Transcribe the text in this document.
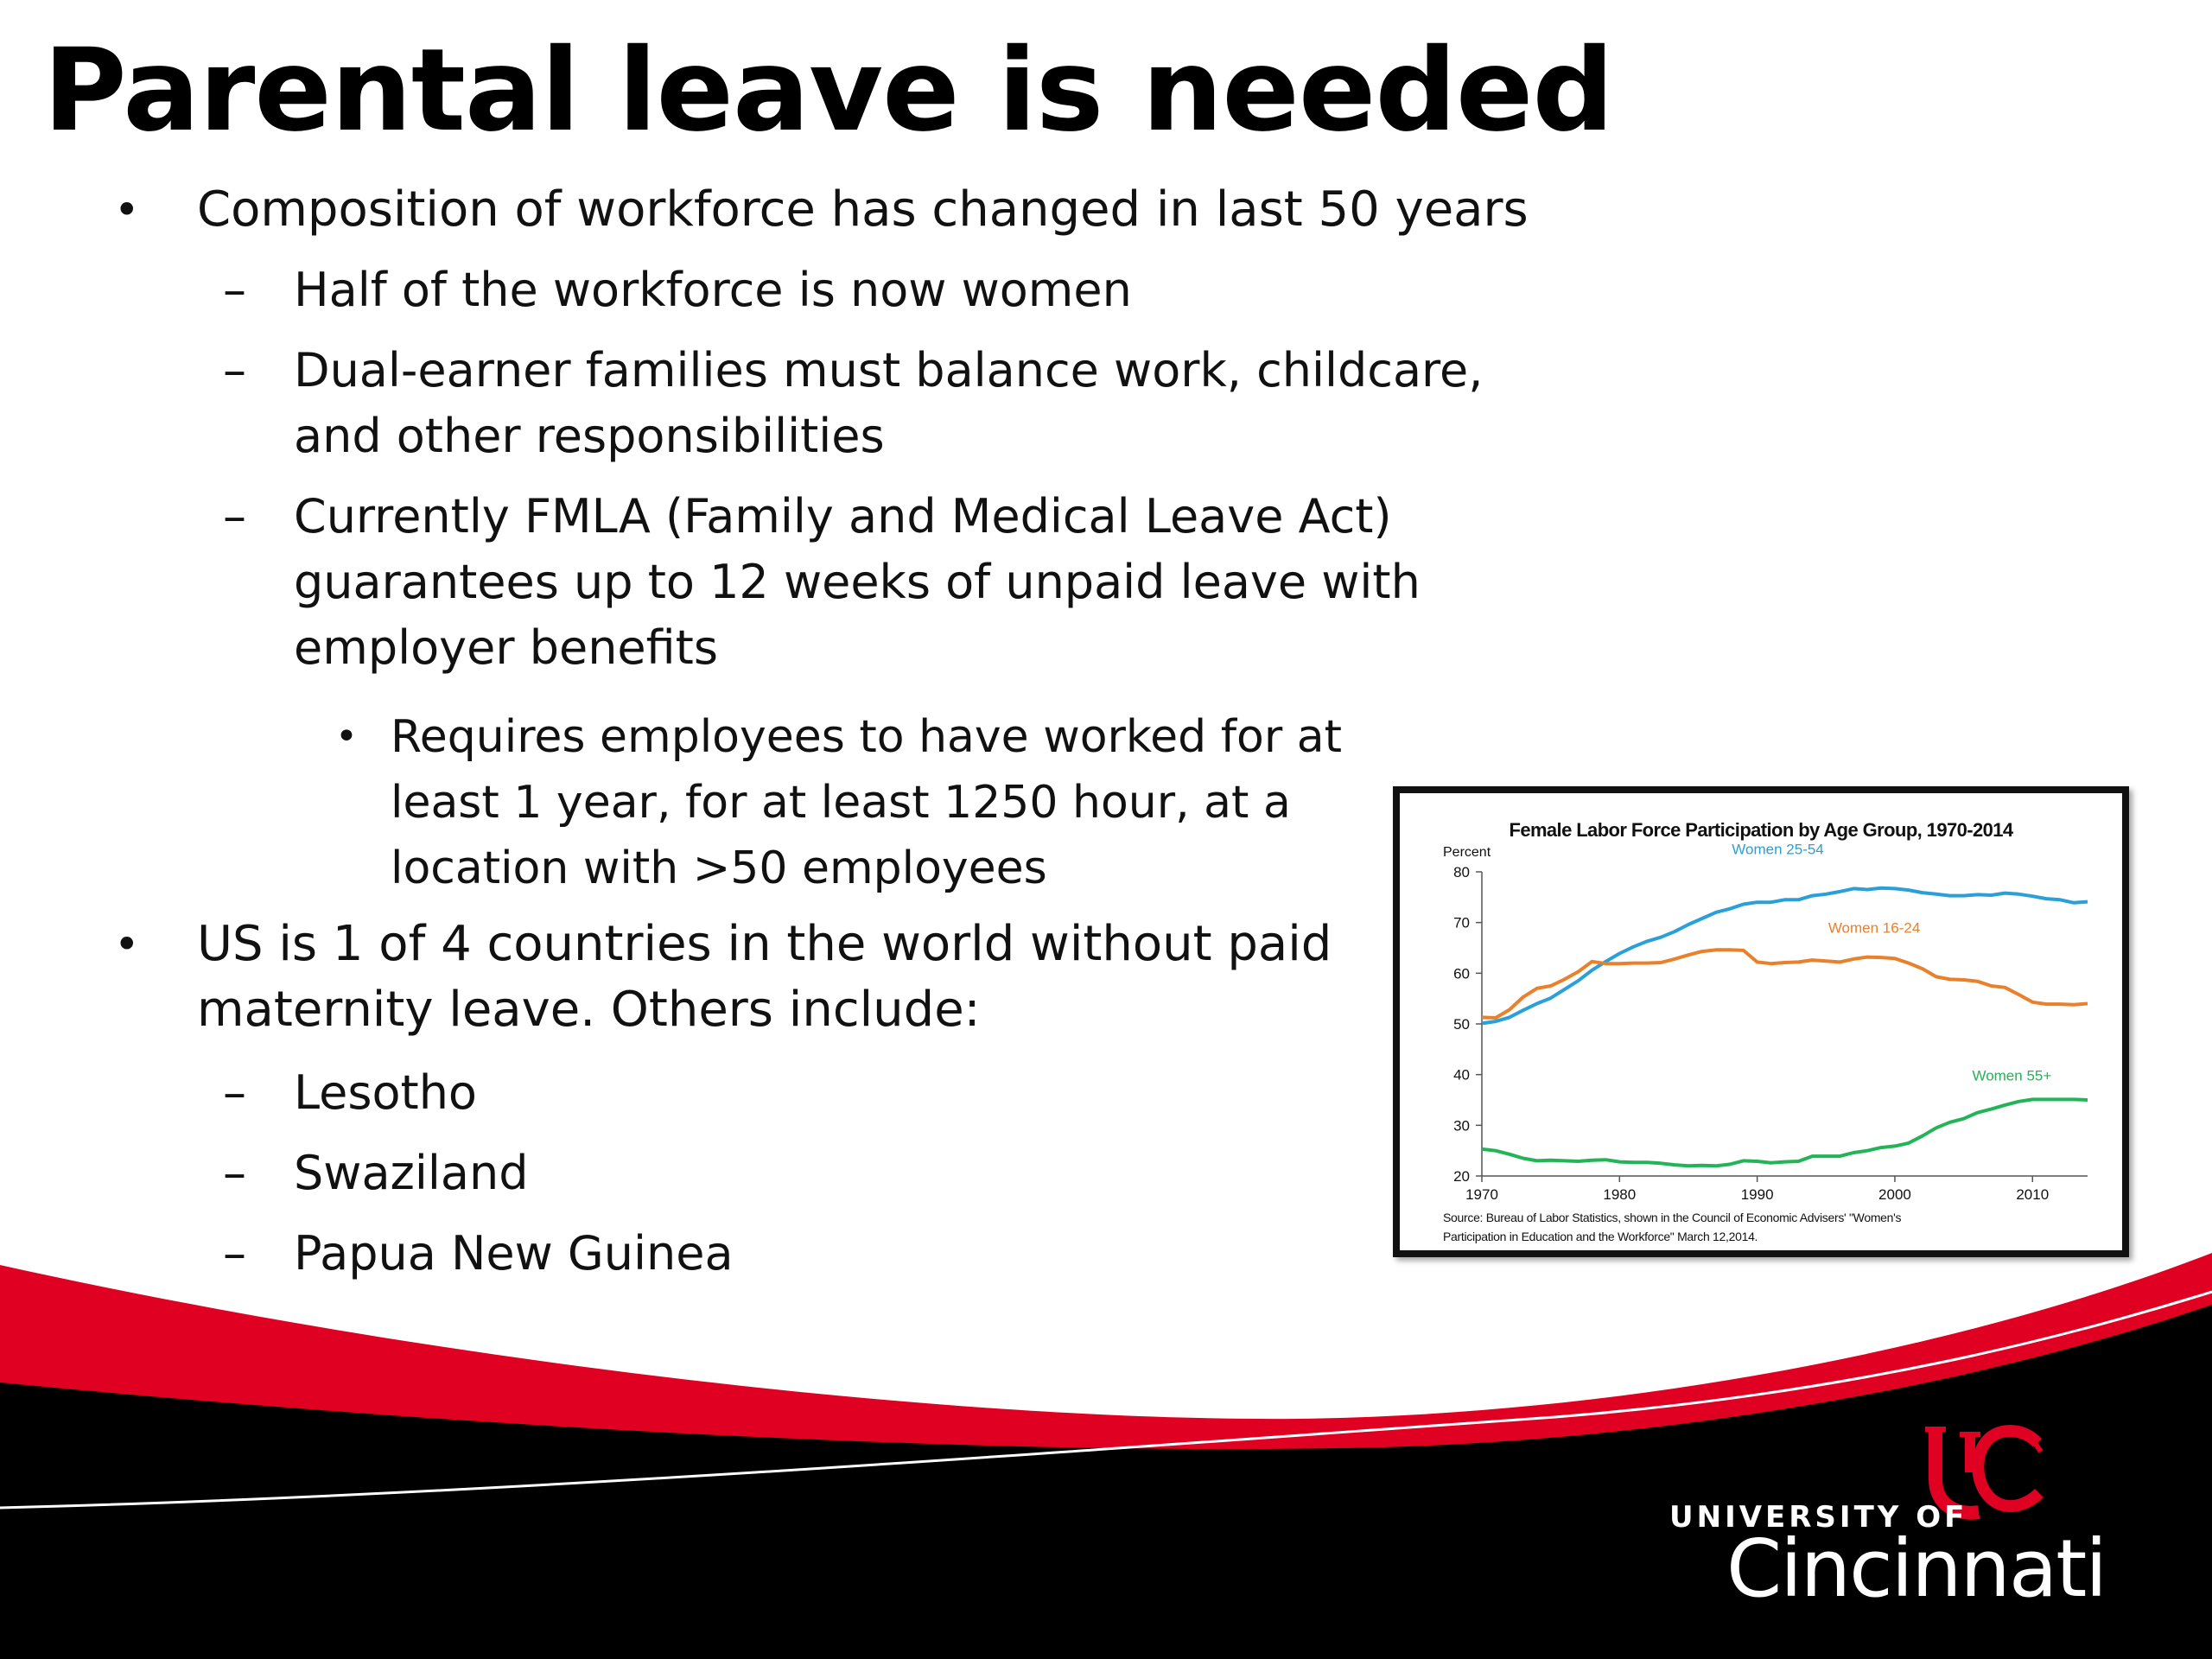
Parental leave is needed
• Composition of workforce has changed in last 50 years
– Half of the workforce is now women
– Dual-earner families must balance work, childcare,
and other responsibilities
– Currently FMLA (Family and Medical Leave Act)
guarantees up to 12 weeks of unpaid leave with
employer benefits
• Requires employees to have worked for at
least 1 year, for at least 1250 hour, at a
location with >50 employees
• US is 1 of 4 countries in the world without paid
maternity leave. Others include:
– Lesotho
– Swaziland
– Papua New Guinea
UNIVERSITY OF
Cincinnati
Female Labor Force Participation by Age Group, 1970-2014
Percent
20
30
40
50
60
70
80
1970	1980	1990	2000	2010
Women 25-54
Women 16-24
Women 55+
Source: Bureau of Labor Statistics, shown in the Council of Economic Advisers' "Women's
Participation in Education and the Workforce" March 12,2014.
